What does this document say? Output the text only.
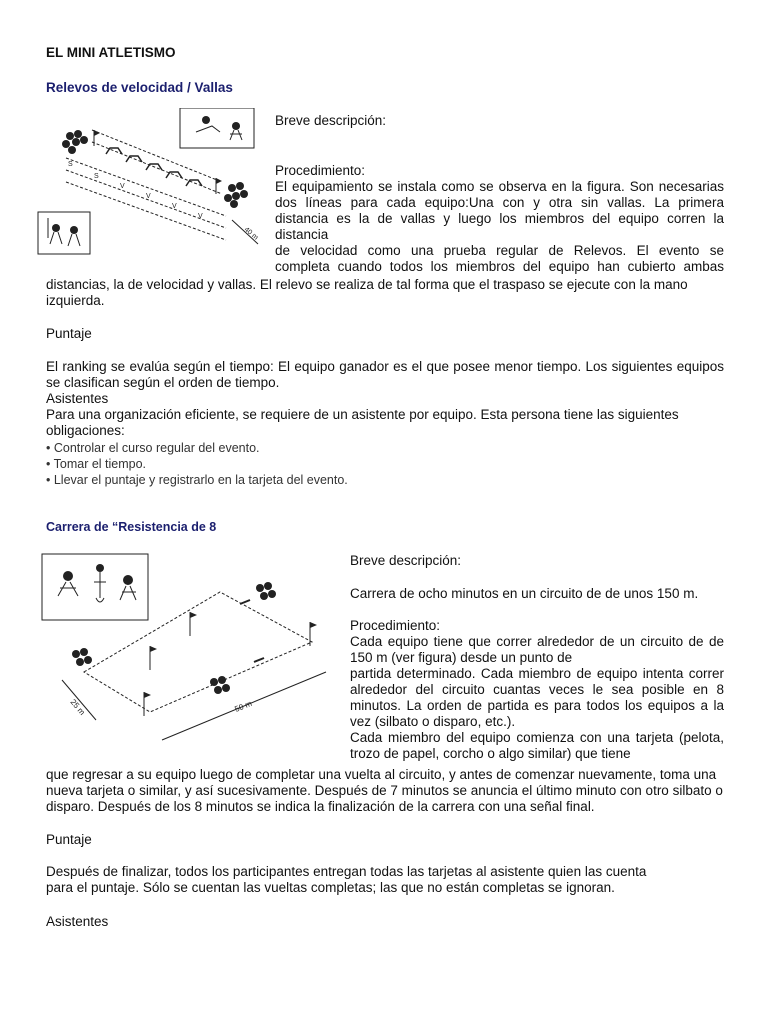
EL MINI ATLETISMO
Relevos de velocidad / Vallas
S
S
V
V
V
V
40 m
Breve descripción:
Procedimiento:
El equipamiento se instala como se observa en la figura. Son necesarias
dos líneas para cada equipo:Una con y otra sin vallas. La primera
distancia es la de vallas y luego los miembros del equipo corren la
distancia
de velocidad como una prueba regular de Relevos. El evento se
completa cuando todos los miembros del equipo han cubierto ambas
distancias, la de velocidad y vallas. El relevo se realiza de tal forma que el traspaso se ejecute con la mano izquierda.
Puntaje
El ranking se evalúa según el tiempo: El equipo ganador es el que posee menor tiempo. Los siguientes equipos se clasifican según el orden de tiempo.
Asistentes
Para una organización eficiente, se requiere de un asistente por equipo. Esta persona tiene las siguientes obligaciones:
• Controlar el curso regular del evento.
• Tomar el tiempo.
• Llevar el puntaje y registrarlo en la tarjeta del evento.
Carrera de “Resistencia de 8
25 m	50 m
Breve descripción:
Carrera de ocho minutos en un circuito de de unos 150 m.
Procedimiento:
Cada equipo tiene que correr alrededor de un circuito de de
150 m (ver figura) desde un punto de
partida determinado. Cada miembro de equipo intenta correr
alrededor del circuito cuantas veces le sea posible en 8
minutos. La orden de partida es para todos los equipos a la
vez (silbato o disparo, etc.).
Cada miembro del equipo comienza con una tarjeta (pelota,
trozo de papel, corcho o algo similar) que tiene
que regresar a su equipo luego de completar una vuelta al circuito, y antes de comenzar nuevamente, toma una nueva tarjeta o similar, y así sucesivamente. Después de 7 minutos se anuncia el último minuto con otro silbato o disparo. Después de los 8 minutos se indica la finalización de la carrera con una señal final.
Puntaje
Después de finalizar, todos los participantes entregan todas las tarjetas al asistente quien las cuenta
para el puntaje. Sólo se cuentan las vueltas completas; las que no están completas se ignoran.
Asistentes
